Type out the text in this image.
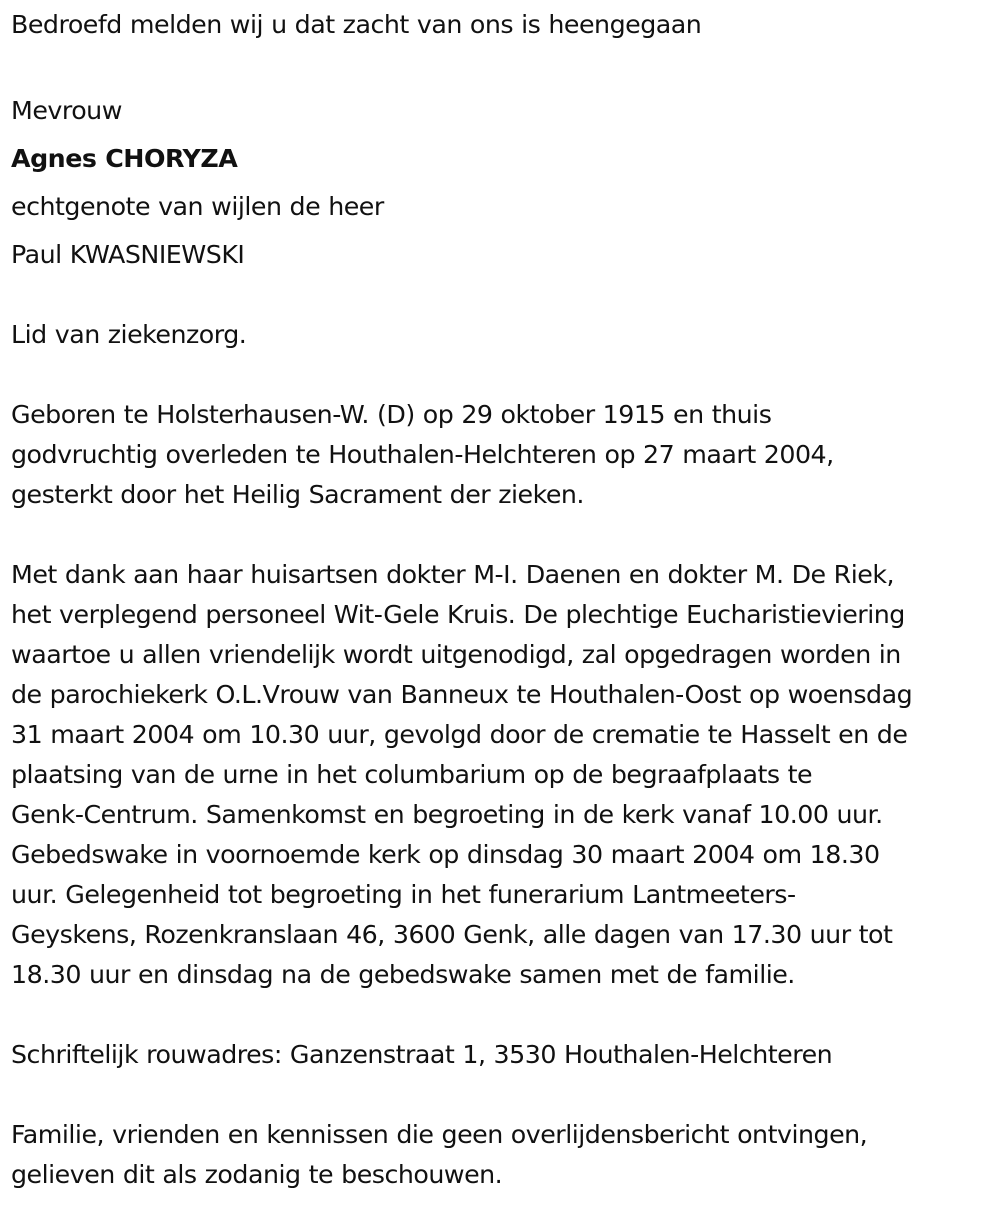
Bedroefd melden wij u dat zacht van ons is heengegaan
Mevrouw
Agnes CHORYZA
echtgenote van wijlen de heer
Paul KWASNIEWSKI
Lid van ziekenzorg.
Geboren te Holsterhausen-W. (D) op 29 oktober 1915 en thuis
godvruchtig overleden te Houthalen-Helchteren op 27 maart 2004,
gesterkt door het Heilig Sacrament der zieken.
Met dank aan haar huisartsen dokter M-I. Daenen en dokter M. De Riek,
het verplegend personeel Wit-Gele Kruis. De plechtige Eucharistieviering
waartoe u allen vriendelijk wordt uitgenodigd, zal opgedragen worden in
de parochiekerk O.L.Vrouw van Banneux te Houthalen-Oost op woensdag
31 maart 2004 om 10.30 uur, gevolgd door de crematie te Hasselt en de
plaatsing van de urne in het columbarium op de begraafplaats te
Genk-Centrum. Samenkomst en begroeting in de kerk vanaf 10.00 uur.
Gebedswake in voornoemde kerk op dinsdag 30 maart 2004 om 18.30
uur. Gelegenheid tot begroeting in het funerarium Lantmeeters-
Geyskens, Rozenkranslaan 46, 3600 Genk, alle dagen van 17.30 uur tot
18.30 uur en dinsdag na de gebedswake samen met de familie.
Schriftelijk rouwadres: Ganzenstraat 1, 3530 Houthalen-Helchteren
Familie, vrienden en kennissen die geen overlijdensbericht ontvingen,
gelieven dit als zodanig te beschouwen.
